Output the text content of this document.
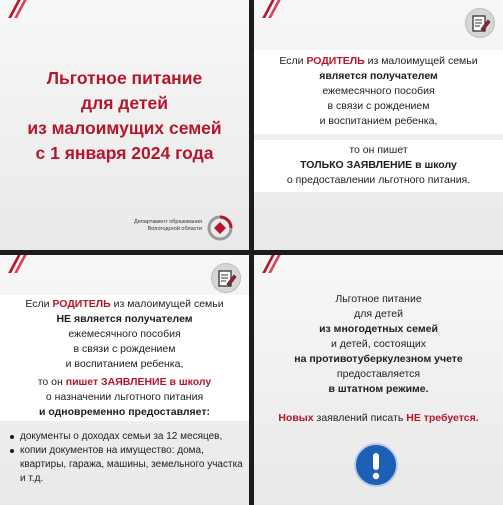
Льготное питание
для детей
из малоимущих семей
с 1 января 2024 года
Департамент образования
Вологодской области
Если РОДИТЕЛЬ из малоимущей семьи
является получателем
ежемесячного пособия
в связи с рождением
и воспитанием ребенка,
то он пишет
ТОЛЬКО ЗАЯВЛЕНИЕ в школу
о предоставлении льготного питания.
Если РОДИТЕЛЬ из малоимущей семьи
НЕ является получателем
ежемесячного пособия
в связи с рождением
и воспитанием ребенка,
то он пишет ЗАЯВЛЕНИЕ в школу
о назначении льготного питания
и одновременно предоставляет:
документы о доходах семьи за 12 месяцев,
копии документов на имущество: дома, квартиры, гаража, машины, земельного участка и т.д.
Льготное питание
для детей
из многодетных семей
и детей, состоящих
на противотуберкулезном учете
предоставляется
в штатном режиме.
Новых заявлений писать НЕ требуется.
